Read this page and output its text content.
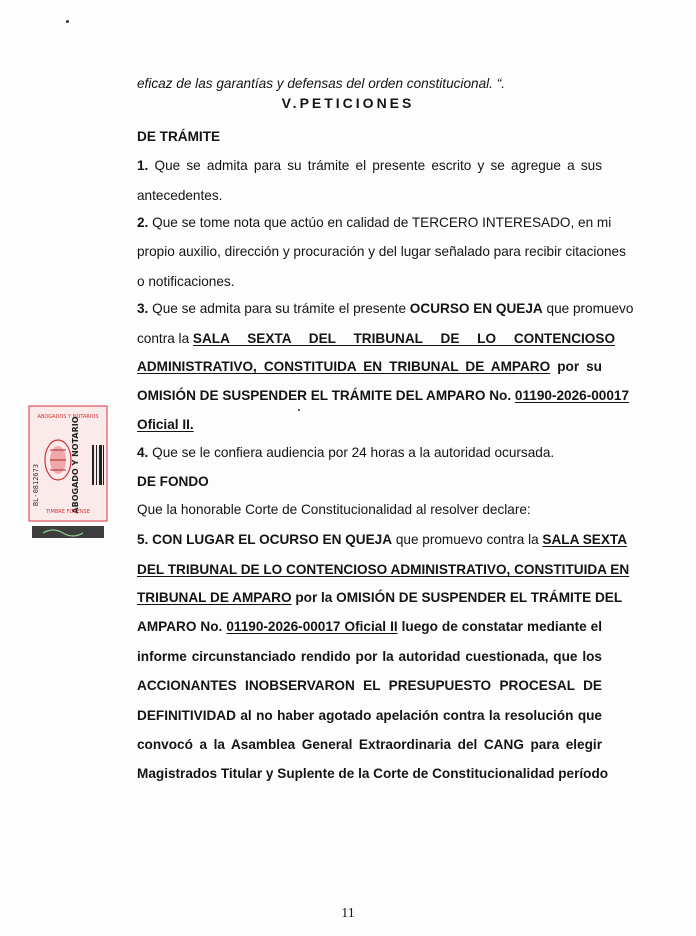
eficaz de las garantías y defensas del orden constitucional. “.
V.PETICIONES
DE TRÁMITE
1. Que se admita para su trámite el presente escrito y se agregue a sus
antecedentes.
2. Que se tome nota que actúo en calidad de TERCERO INTERESADO, en mi
propio auxilio, dirección y procuración y del lugar señalado para recibir citaciones
o notificaciones.
3. Que se admita para su trámite el presente OCURSO EN QUEJA que promuevo
contra la SALA SEXTA DEL TRIBUNAL DE LO CONTENCIOSO
ADMINISTRATIVO, CONSTITUIDA EN TRIBUNAL DE AMPARO por su
OMISIÓN DE SUSPENDER EL TRÁMITE DEL AMPARO No. 01190-2026-00017
Oficial II.
4. Que se le confiera audiencia por 24 horas a la autoridad ocursada.
DE FONDO
Que la honorable Corte de Constitucionalidad al resolver declare:
5. CON LUGAR EL OCURSO EN QUEJA que promuevo contra la SALA SEXTA
DEL TRIBUNAL DE LO CONTENCIOSO ADMINISTRATIVO, CONSTITUIDA EN
TRIBUNAL DE AMPARO por la OMISIÓN DE SUSPENDER EL TRÁMITE DEL
AMPARO No. 01190-2026-00017 Oficial II luego de constatar mediante el
informe circunstanciado rendido por la autoridad cuestionada, que los
ACCIONANTES INOBSERVARON EL PRESUPUESTO PROCESAL DE
DEFINITIVIDAD al no haber agotado apelación contra la resolución que
convocó a la Asamblea General Extraordinaria del CANG para elegir
Magistrados Titular y Suplente de la Corte de Constitucionalidad período
ABOGADOS Y NOTARIOS
BL-0812673	ABOGADO Y NOTARIO
TIMBRE FORENSE
11
